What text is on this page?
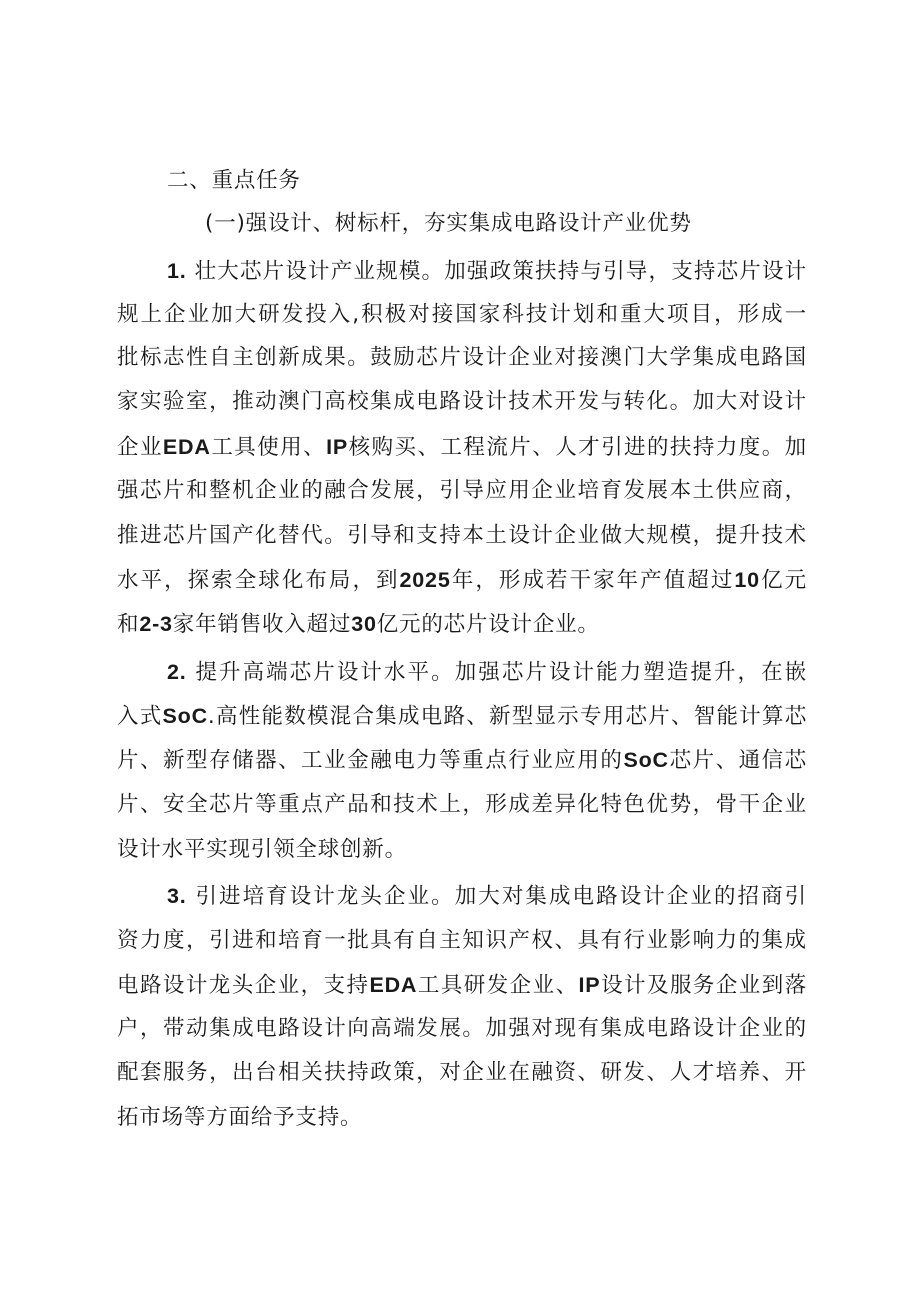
二、重点任务
(一)强设计、树标杆，夯实集成电路设计产业优势
1. 壮大芯片设计产业规模。加强政策扶持与引导，支持芯片设计
规上企业加大研发投入,积极对接国家科技计划和重大项目，形成一
批标志性自主创新成果。鼓励芯片设计企业对接澳门大学集成电路国
家实验室，推动澳门高校集成电路设计技术开发与转化。加大对设计
企业EDA工具使用、IP核购买、工程流片、人才引进的扶持力度。加
强芯片和整机企业的融合发展，引导应用企业培育发展本土供应商，
推进芯片国产化替代。引导和支持本土设计企业做大规模，提升技术
水平，探索全球化布局，到2025年，形成若干家年产值超过10亿元
和2-3家年销售收入超过30亿元的芯片设计企业。
2. 提升高端芯片设计水平。加强芯片设计能力塑造提升，在嵌
入式SoC.高性能数模混合集成电路、新型显示专用芯片、智能计算芯
片、新型存储器、工业金融电力等重点行业应用的SoC芯片、通信芯
片、安全芯片等重点产品和技术上，形成差异化特色优势，骨干企业
设计水平实现引领全球创新。
3. 引进培育设计龙头企业。加大对集成电路设计企业的招商引
资力度，引进和培育一批具有自主知识产权、具有行业影响力的集成
电路设计龙头企业，支持EDA工具研发企业、IP设计及服务企业到落
户，带动集成电路设计向高端发展。加强对现有集成电路设计企业的
配套服务，出台相关扶持政策，对企业在融资、研发、人才培养、开
拓市场等方面给予支持。
